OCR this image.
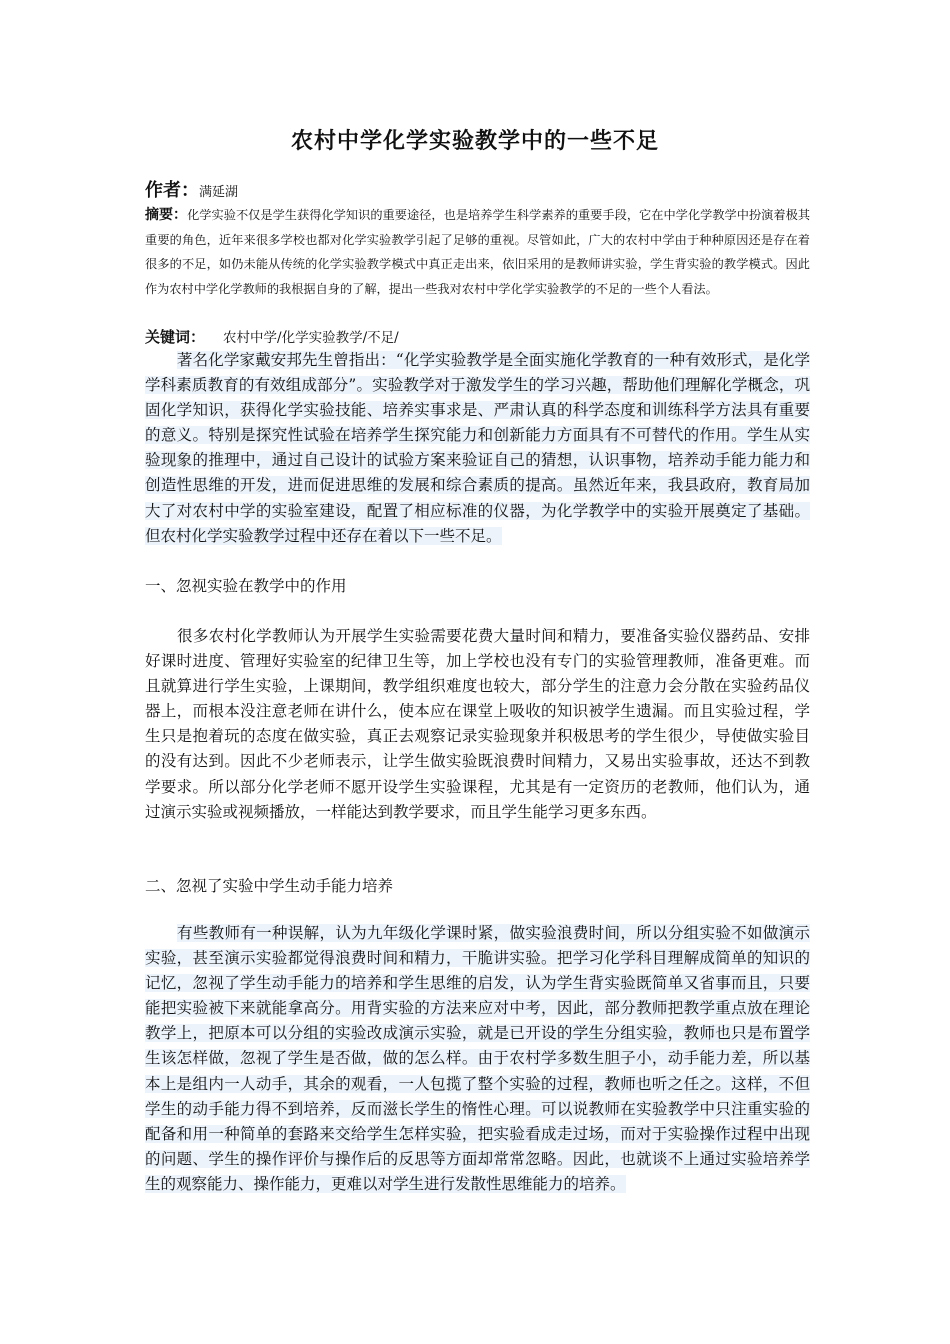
农村中学化学实验教学中的一些不足
作者：满延湖
摘要：化学实验不仅是学生获得化学知识的重要途径，也是培养学生科学素养的重要手段，它在中学化学教学中扮演着极其重要的角色，近年来很多学校也都对化学实验教学引起了足够的重视。尽管如此，广大的农村中学由于种种原因还是存在着很多的不足，如仍未能从传统的化学实验教学模式中真正走出来，依旧采用的是教师讲实验，学生背实验的教学模式。因此作为农村中学化学教师的我根据自身的了解，提出一些我对农村中学化学实验教学的不足的一些个人看法。
关键词： 农村中学/化学实验教学/不足/
著名化学家戴安邦先生曾指出：“化学实验教学是全面实施化学教育的一种有效形式，是化学学科素质教育的有效组成部分”。实验教学对于激发学生的学习兴趣，帮助他们理解化学概念，巩固化学知识，获得化学实验技能、培养实事求是、严肃认真的科学态度和训练科学方法具有重要的意义。特别是探究性试验在培养学生探究能力和创新能力方面具有不可替代的作用。学生从实验现象的推理中，通过自己设计的试验方案来验证自己的猜想，认识事物，培养动手能力能力和创造性思维的开发，进而促进思维的发展和综合素质的提高。虽然近年来，我县政府，教育局加大了对农村中学的实验室建设，配置了相应标准的仪器，为化学教学中的实验开展奠定了基础。但农村化学实验教学过程中还存在着以下一些不足。
一、忽视实验在教学中的作用
很多农村化学教师认为开展学生实验需要花费大量时间和精力，要准备实验仪器药品、安排好课时进度、管理好实验室的纪律卫生等，加上学校也没有专门的实验管理教师，准备更难。而且就算进行学生实验，上课期间，教学组织难度也较大，部分学生的注意力会分散在实验药品仪器上，而根本没注意老师在讲什么，使本应在课堂上吸收的知识被学生遗漏。而且实验过程，学生只是抱着玩的态度在做实验，真正去观察记录实验现象并积极思考的学生很少，导使做实验目的没有达到。因此不少老师表示，让学生做实验既浪费时间精力，又易出实验事故，还达不到教学要求。所以部分化学老师不愿开设学生实验课程，尤其是有一定资历的老教师，他们认为，通过演示实验或视频播放，一样能达到教学要求，而且学生能学习更多东西。
二、忽视了实验中学生动手能力培养
有些教师有一种误解，认为九年级化学课时紧，做实验浪费时间，所以分组实验不如做演示实验，甚至演示实验都觉得浪费时间和精力，干脆讲实验。把学习化学科目理解成简单的知识的记忆，忽视了学生动手能力的培养和学生思维的启发，认为学生背实验既简单又省事而且，只要能把实验被下来就能拿高分。用背实验的方法来应对中考，因此，部分教师把教学重点放在理论教学上，把原本可以分组的实验改成演示实验，就是已开设的学生分组实验，教师也只是布置学生该怎样做，忽视了学生是否做，做的怎么样。由于农村学多数生胆子小，动手能力差，所以基本上是组内一人动手，其余的观看，一人包揽了整个实验的过程，教师也听之任之。这样，不但学生的动手能力得不到培养，反而滋长学生的惰性心理。可以说教师在实验教学中只注重实验的配备和用一种简单的套路来交给学生怎样实验，把实验看成走过场，而对于实验操作过程中出现的问题、学生的操作评价与操作后的反思等方面却常常忽略。因此，也就谈不上通过实验培养学生的观察能力、操作能力，更难以对学生进行发散性思维能力的培养。
